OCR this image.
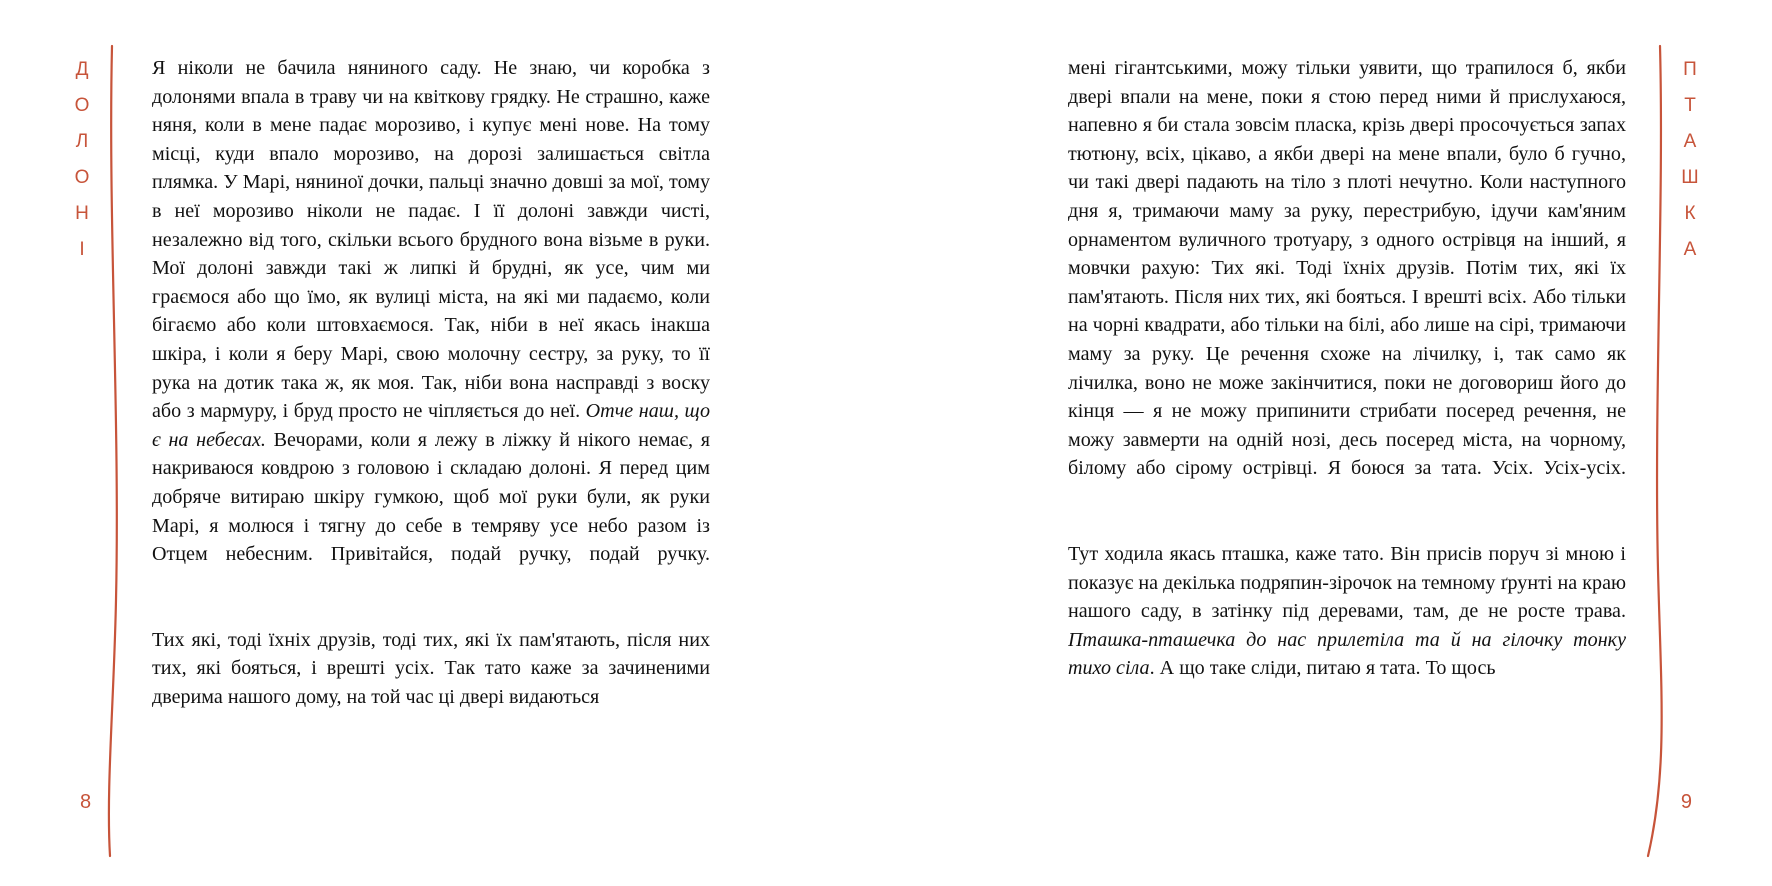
Д
О
Л
О
Н
І
8

Я ніколи не бачила няниного саду. Не знаю, чи коробка з долонями впала в траву чи на квіткову грядку. Не страшно, каже няня, коли в мене падає морозиво, і купує мені нове. На тому місці, куди впало морозиво, на дорозі залишається світла плямка. У Марі, няниної дочки, пальці значно довші за мої, тому в неї морозиво ніколи не падає. І її долоні завжди чисті, незалежно від того, скільки всього брудного вона візьме в руки. Мої долоні завжди такі ж липкі й брудні, як усе, чим ми граємося або що їмо, як вулиці міста, на які ми падаємо, коли бігаємо або коли штовхаємося. Так, ніби в неї якась інакша шкіра, і коли я беру Марі, свою молочну сестру, за руку, то її рука на дотик така ж, як моя. Так, ніби вона насправді з воску або з мармуру, і бруд просто не чіпляється до неї. Отче наш, що є на небесах. Вечорами, коли я лежу в ліжку й нікого немає, я накриваюся ковдрою з головою і складаю долоні. Я перед цим добряче витираю шкіру гумкою, щоб мої руки були, як руки Марі, я молюся і тягну до себе в темряву усе небо разом із Отцем небесним. Привітайся, подай ручку, подай ручку.

Тих які, тоді їхніх друзів, тоді тих, які їх пам'ятають, після них тих, які бояться, і врешті усіх. Так тато каже за зачиненими дверима нашого дому, на той час ці двері видаються

П
Т
А
Ш
К
А
9

мені гігантськими, можу тільки уявити, що трапилося б, якби двері впали на мене, поки я стою перед ними й прислухаюся, напевно я би стала зовсім пласка, крізь двері просочується запах тютюну, всіх, цікаво, а якби двері на мене впали, було б гучно, чи такі двері падають на тіло з плоті нечутно. Коли наступного дня я, тримаючи маму за руку, перестрибую, ідучи кам'яним орнаментом вуличного тротуару, з одного острівця на інший, я мовчки рахую: Тих які. Тоді їхніх друзів. Потім тих, які їх пам'ятають. Після них тих, які бояться. І врешті всіх. Або тільки на чорні квадрати, або тільки на білі, або лише на сірі, тримаючи маму за руку. Це речення схоже на лічилку, і, так само як лічилка, воно не може закінчитися, поки не договориш його до кінця — я не можу припинити стрибати посеред речення, не можу завмерти на одній нозі, десь посеред міста, на чорному, білому або сірому острівці. Я боюся за тата. Усіх. Усіх-усіх.

Тут ходила якась пташка, каже тато. Він присів поруч зі мною і показує на декілька подряпин-зірочок на темному ґрунті на краю нашого саду, в затінку під деревами, там, де не росте трава. Пташка-пташечка до нас прилетіла та й на гілочку тонку тихо сіла. А що таке сліди, питаю я тата. То щось
